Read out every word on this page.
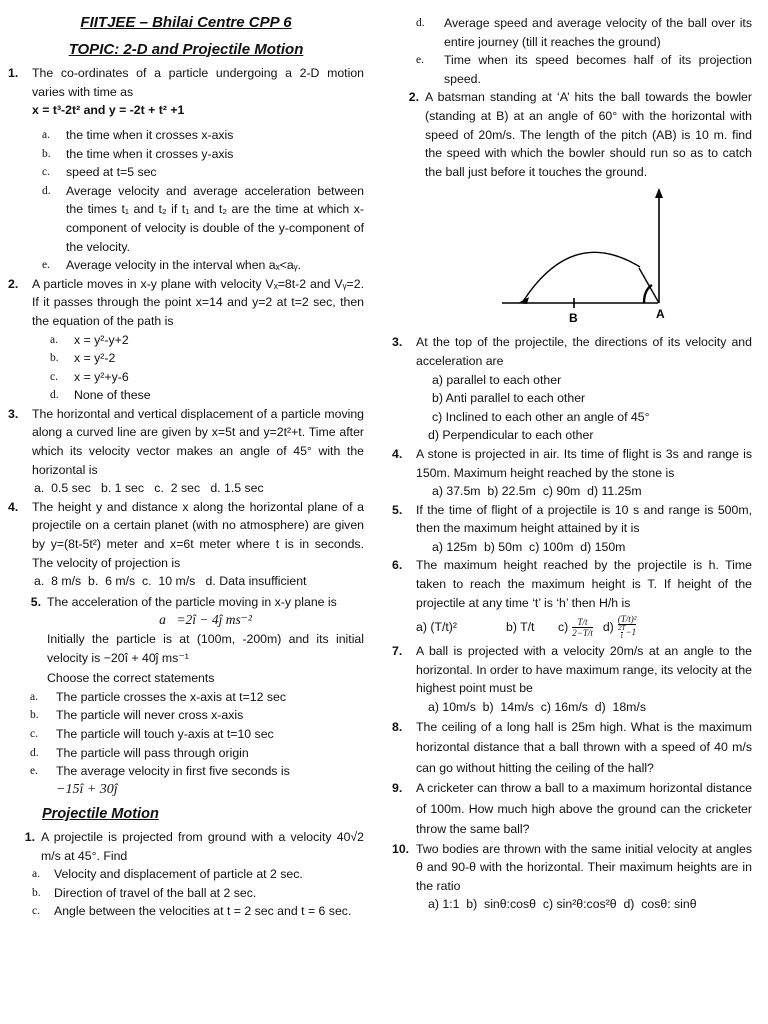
FIITJEE – Bhilai Centre CPP 6
TOPIC: 2-D and Projectile Motion
1.	The co-ordinates of a particle undergoing a 2-D motion varies with time as
x = t³-2t² and y = -2t + t² +1
a.	the time when it crosses x-axis
b.	the time when it crosses y-axis
c.	speed at t=5 sec
d.	Average velocity and average acceleration between the times t₁ and t₂ if t₁ and t₂ are the time at which x-component of velocity is double of the y-component of the velocity.
e.	Average velocity in the interval when aₓ<aᵧ.
2.	A particle moves in x-y plane with velocity Vₓ=8t-2 and Vᵧ=2. If it passes through the point x=14 and y=2 at t=2 sec, then the equation of the path is
a.	x = y²-y+2
b.	x = y²-2
c.	x = y²+y-6
d.	None of these
3.	The horizontal and vertical displacement of a particle moving along a curved line are given by x=5t and y=2t²+t. Time after which its velocity vector makes an angle of 45° with the horizontal is
a.  0.5 sec   b. 1 sec   c.  2 sec   d. 1.5 sec
4.	The height y and distance x along the horizontal plane of a projectile on a certain planet (with no atmosphere) are given by y=(8t-5t²) meter and x=6t meter where t is in seconds. The velocity of projection is
a.  8 m/s  b.  6 m/s  c.  10 m/s   d. Data insufficient
5. The acceleration of the particle moving in x-y plane is
a⃗=2î − 4ĵ ms⁻²
Initially the particle is at (100m, -200m) and its initial velocity is −20î + 40ĵ ms⁻¹
Choose the correct statements
a.	The particle crosses the x-axis at t=12 sec
b.	The particle will never cross x-axis
c.	The particle will touch y-axis at t=10 sec
d.	The particle will pass through origin
e.	The average velocity in first five seconds is
−15î + 30ĵ
Projectile Motion
1. A projectile is projected from ground with a velocity 40√2 m/s at 45°. Find
a.	Velocity and displacement of particle at 2 sec.
b.	Direction of travel of the ball at 2 sec.
c.	Angle between the velocities at t = 2 sec and t = 6 sec.
d.	Average speed and average velocity of the ball over its entire journey (till it reaches the ground)
e.	Time when its speed becomes half of its projection speed.
2. A batsman standing at ‘A’ hits the ball towards the bowler (standing at B) at an angle of 60° with the horizontal with speed of 20m/s. The length of the pitch (AB) is 10 m. find the speed with which the bowler should run so as to catch the ball just before it touches the ground.
B	A
3.	At the top of the projectile, the directions of its velocity and acceleration are
a) parallel to each other
b) Anti parallel to each other
c) Inclined to each other an angle of 45°
d) Perpendicular to each other
4.	A stone is projected in air. Its time of flight is 3s and range is 150m. Maximum height reached by the stone is
a) 37.5m  b) 22.5m  c) 90m  d) 11.25m
5.	If the time of flight of a projectile is 10 s and range is 500m, then the maximum height attained by it is
a) 125m  b) 50m  c) 100m  d) 150m
6.	The maximum height reached by the projectile is h. Time taken to reach the maximum height is T. If height of the projectile at any time ‘t’ is ‘h’ then H/h is
a) (T/t)²	b) T/t	$c) \frac{T/t}{2-T/t} d) \frac{\text{(T/t)²}}{\frac{2T}{t} -1}$
7.	A ball is projected with a velocity 20m/s at an angle to the horizontal. In order to have maximum range, its velocity at the highest point must be
a) 10m/s  b)  14m/s  c) 16m/s  d)  18m/s
8.	The ceiling of a long hall is 25m high. What is the maximum horizontal distance that a ball thrown with a speed of 40 m/s can go without hitting the ceiling of the hall?
9.	A cricketer can throw a ball to a maximum horizontal distance of 100m. How much high above the ground can the cricketer throw the same ball?
10. Two bodies are thrown with the same initial velocity at angles θ and 90-θ with the horizontal. Their maximum heights are in the ratio
a) 1:1  b)  sinθ:cosθ  c) sin²θ:cos²θ  d)  cosθ: sinθ
